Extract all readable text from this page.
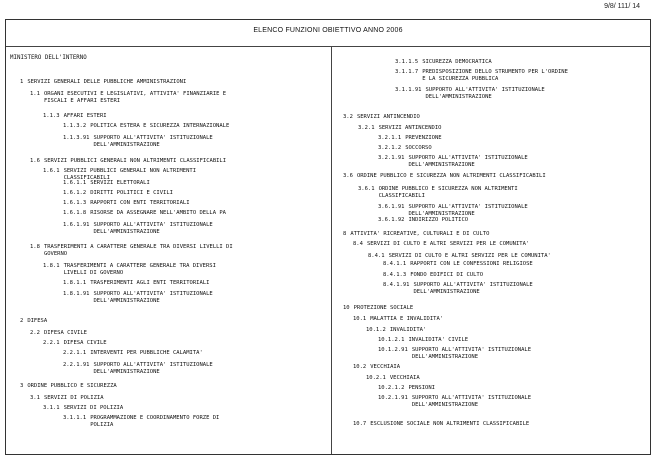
9/8/ 111/ 14
ELENCO FUNZIONI OBIETTIVO ANNO 2006
MINISTERO DELL'INTERNO
1 SERVIZI GENERALI DELLE PUBBLICHE AMMINISTRAZIONI
1.1 ORGANI ESECUTIVI E LEGISLATIVI, ATTIVITA' FINANZIARIE E
FISCALI E AFFARI ESTERI
1.1.3 AFFARI ESTERI
1.1.3.2 POLITICA ESTERA E SICUREZZA INTERNAZIONALE
1.1.3.91 SUPPORTO ALL'ATTIVITA' ISTITUZIONALE
DELL'AMMINISTRAZIONE
1.6 SERVIZI PUBBLICI GENERALI NON ALTRIMENTI CLASSIFICABILI
1.6.1 SERVIZI PUBBLICI GENERALI NON ALTRIMENTI
CLASSIFICABILI
1.6.1.1 SERVIZI ELETTORALI
1.6.1.2 DIRITTI POLITICI E CIVILI
1.6.1.3 RAPPORTI CON ENTI TERRITORIALI
1.6.1.8 RISORSE DA ASSEGNARE NELL'AMBITO DELLA PA
1.6.1.91 SUPPORTO ALL'ATTIVITA' ISTITUZIONALE
DELL'AMMINISTRAZIONE
1.8 TRASFERIMENTI A CARATTERE GENERALE TRA DIVERSI LIVELLI DI
GOVERNO
1.8.1 TRASFERIMENTI A CARATTERE GENERALE TRA DIVERSI
LIVELLI DI GOVERNO
1.8.1.1 TRASFERIMENTI AGLI ENTI TERRITORIALI
1.8.1.91 SUPPORTO ALL'ATTIVITA' ISTITUZIONALE
DELL'AMMINISTRAZIONE
2 DIFESA
2.2 DIFESA CIVILE
2.2.1 DIFESA CIVILE
2.2.1.1 INTERVENTI PER PUBBLICHE CALAMITA'
2.2.1.91 SUPPORTO ALL'ATTIVITA' ISTITUZIONALE
DELL'AMMINISTRAZIONE
3 ORDINE PUBBLICO E SICUREZZA
3.1 SERVIZI DI POLIZIA
3.1.1 SERVIZI DI POLIZIA
3.1.1.1 PROGRAMMAZIONE E COORDINAMENTO FORZE DI
POLIZIA
3.1.1.5 SICUREZZA DEMOCRATICA
3.1.1.7 PREDISPOSIZIONE DELLO STRUMENTO PER L'ORDINE
E LA SICUREZZA PUBBLICA
3.1.1.91 SUPPORTO ALL'ATTIVITA' ISTITUZIONALE
DELL'AMMINISTRAZIONE
3.2 SERVIZI ANTINCENDIO
3.2.1 SERVIZI ANTINCENDIO
3.2.1.1 PREVENZIONE
3.2.1.2 SOCCORSO
3.2.1.91 SUPPORTO ALL'ATTIVITA' ISTITUZIONALE
DELL'AMMINISTRAZIONE
3.6 ORDINE PUBBLICO E SICUREZZA NON ALTRIMENTI CLASSIFICABILI
3.6.1 ORDINE PUBBLICO E SICUREZZA NON ALTRIMENTI
CLASSIFICABILI
3.6.1.91 SUPPORTO ALL'ATTIVITA' ISTITUZIONALE
DELL'AMMINISTRAZIONE
3.6.1.92 INDIRIZZO POLITICO
8 ATTIVITA' RICREATIVE, CULTURALI E DI CULTO
8.4 SERVIZI DI CULTO E ALTRI SERVIZI PER LE COMUNITA'
8.4.1 SERVIZI DI CULTO E ALTRI SERVIZI PER LE COMUNITA'
8.4.1.1 RAPPORTI CON LE CONFESSIONI RELIGIOSE
8.4.1.3 FONDO EDIFICI DI CULTO
8.4.1.91 SUPPORTO ALL'ATTIVITA' ISTITUZIONALE
DELL'AMMINISTRAZIONE
10 PROTEZIONE SOCIALE
10.1 MALATTIA E INVALIDITA'
10.1.2 INVALIDITA'
10.1.2.1 INVALIDITA' CIVILE
10.1.2.91 SUPPORTO ALL'ATTIVITA' ISTITUZIONALE
DELL'AMMINISTRAZIONE
10.2 VECCHIAIA
10.2.1 VECCHIAIA
10.2.1.2 PENSIONI
10.2.1.91 SUPPORTO ALL'ATTIVITA' ISTITUZIONALE
DELL'AMMINISTRAZIONE
10.7 ESCLUSIONE SOCIALE NON ALTRIMENTI CLASSIFICABILE
